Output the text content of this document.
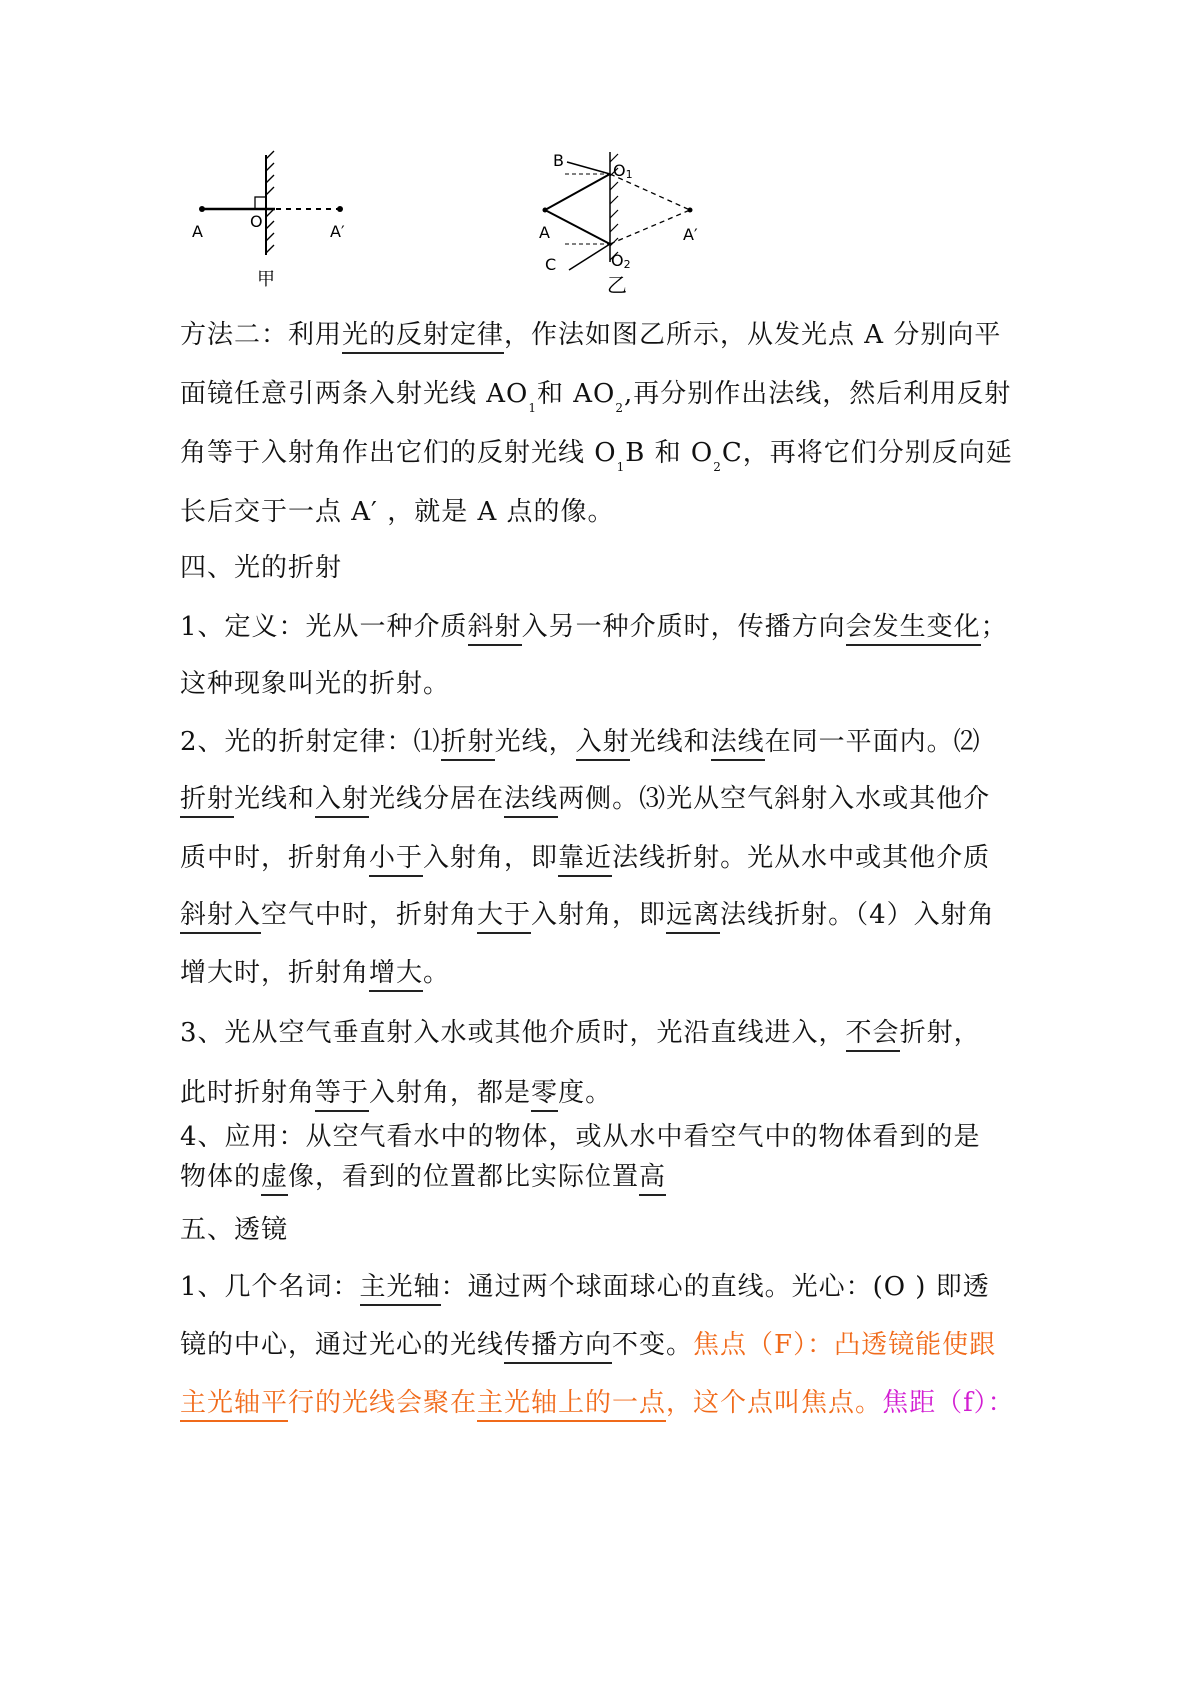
A
O
A′
甲
B
O1
A	A′
O2
C
乙
方法二：利用光的反射定律，作法如图乙所示，从发光点 A 分别向平
面镜任意引两条入射光线 $AO_1$和 $AO_2$,再分别作出法线，然后利用反射
角等于入射角作出它们的反射光线 $O_1B$ 和 $O_2C$，再将它们分别反向延
长后交于一点 A′ ，就是 A 点的像。
四、光的折射
1、定义：光从一种介质斜射入另一种介质时，传播方向会发生变化；
这种现象叫光的折射。
2、光的折射定律：⑴折射光线，入射光线和法线在同一平面内。⑵
折射光线和入射光线分居在法线两侧。⑶光从空气斜射入水或其他介
质中时，折射角小于入射角，即靠近法线折射。光从水中或其他介质
斜射入空气中时，折射角大于入射角，即远离法线折射。（4）入射角
增大时，折射角增大。
3、光从空气垂直射入水或其他介质时，光沿直线进入，不会折射，
此时折射角等于入射角，都是零度。
4、应用：从空气看水中的物体，或从水中看空气中的物体看到的是
物体的虚像，看到的位置都比实际位置高
五、透镜
1、几个名词：主光轴：通过两个球面球心的直线。光心：(O ) 即透
镜的中心，通过光心的光线传播方向不变。焦点（F）：凸透镜能使跟
主光轴平行的光线会聚在主光轴上的一点，这个点叫焦点。焦距（f）：
